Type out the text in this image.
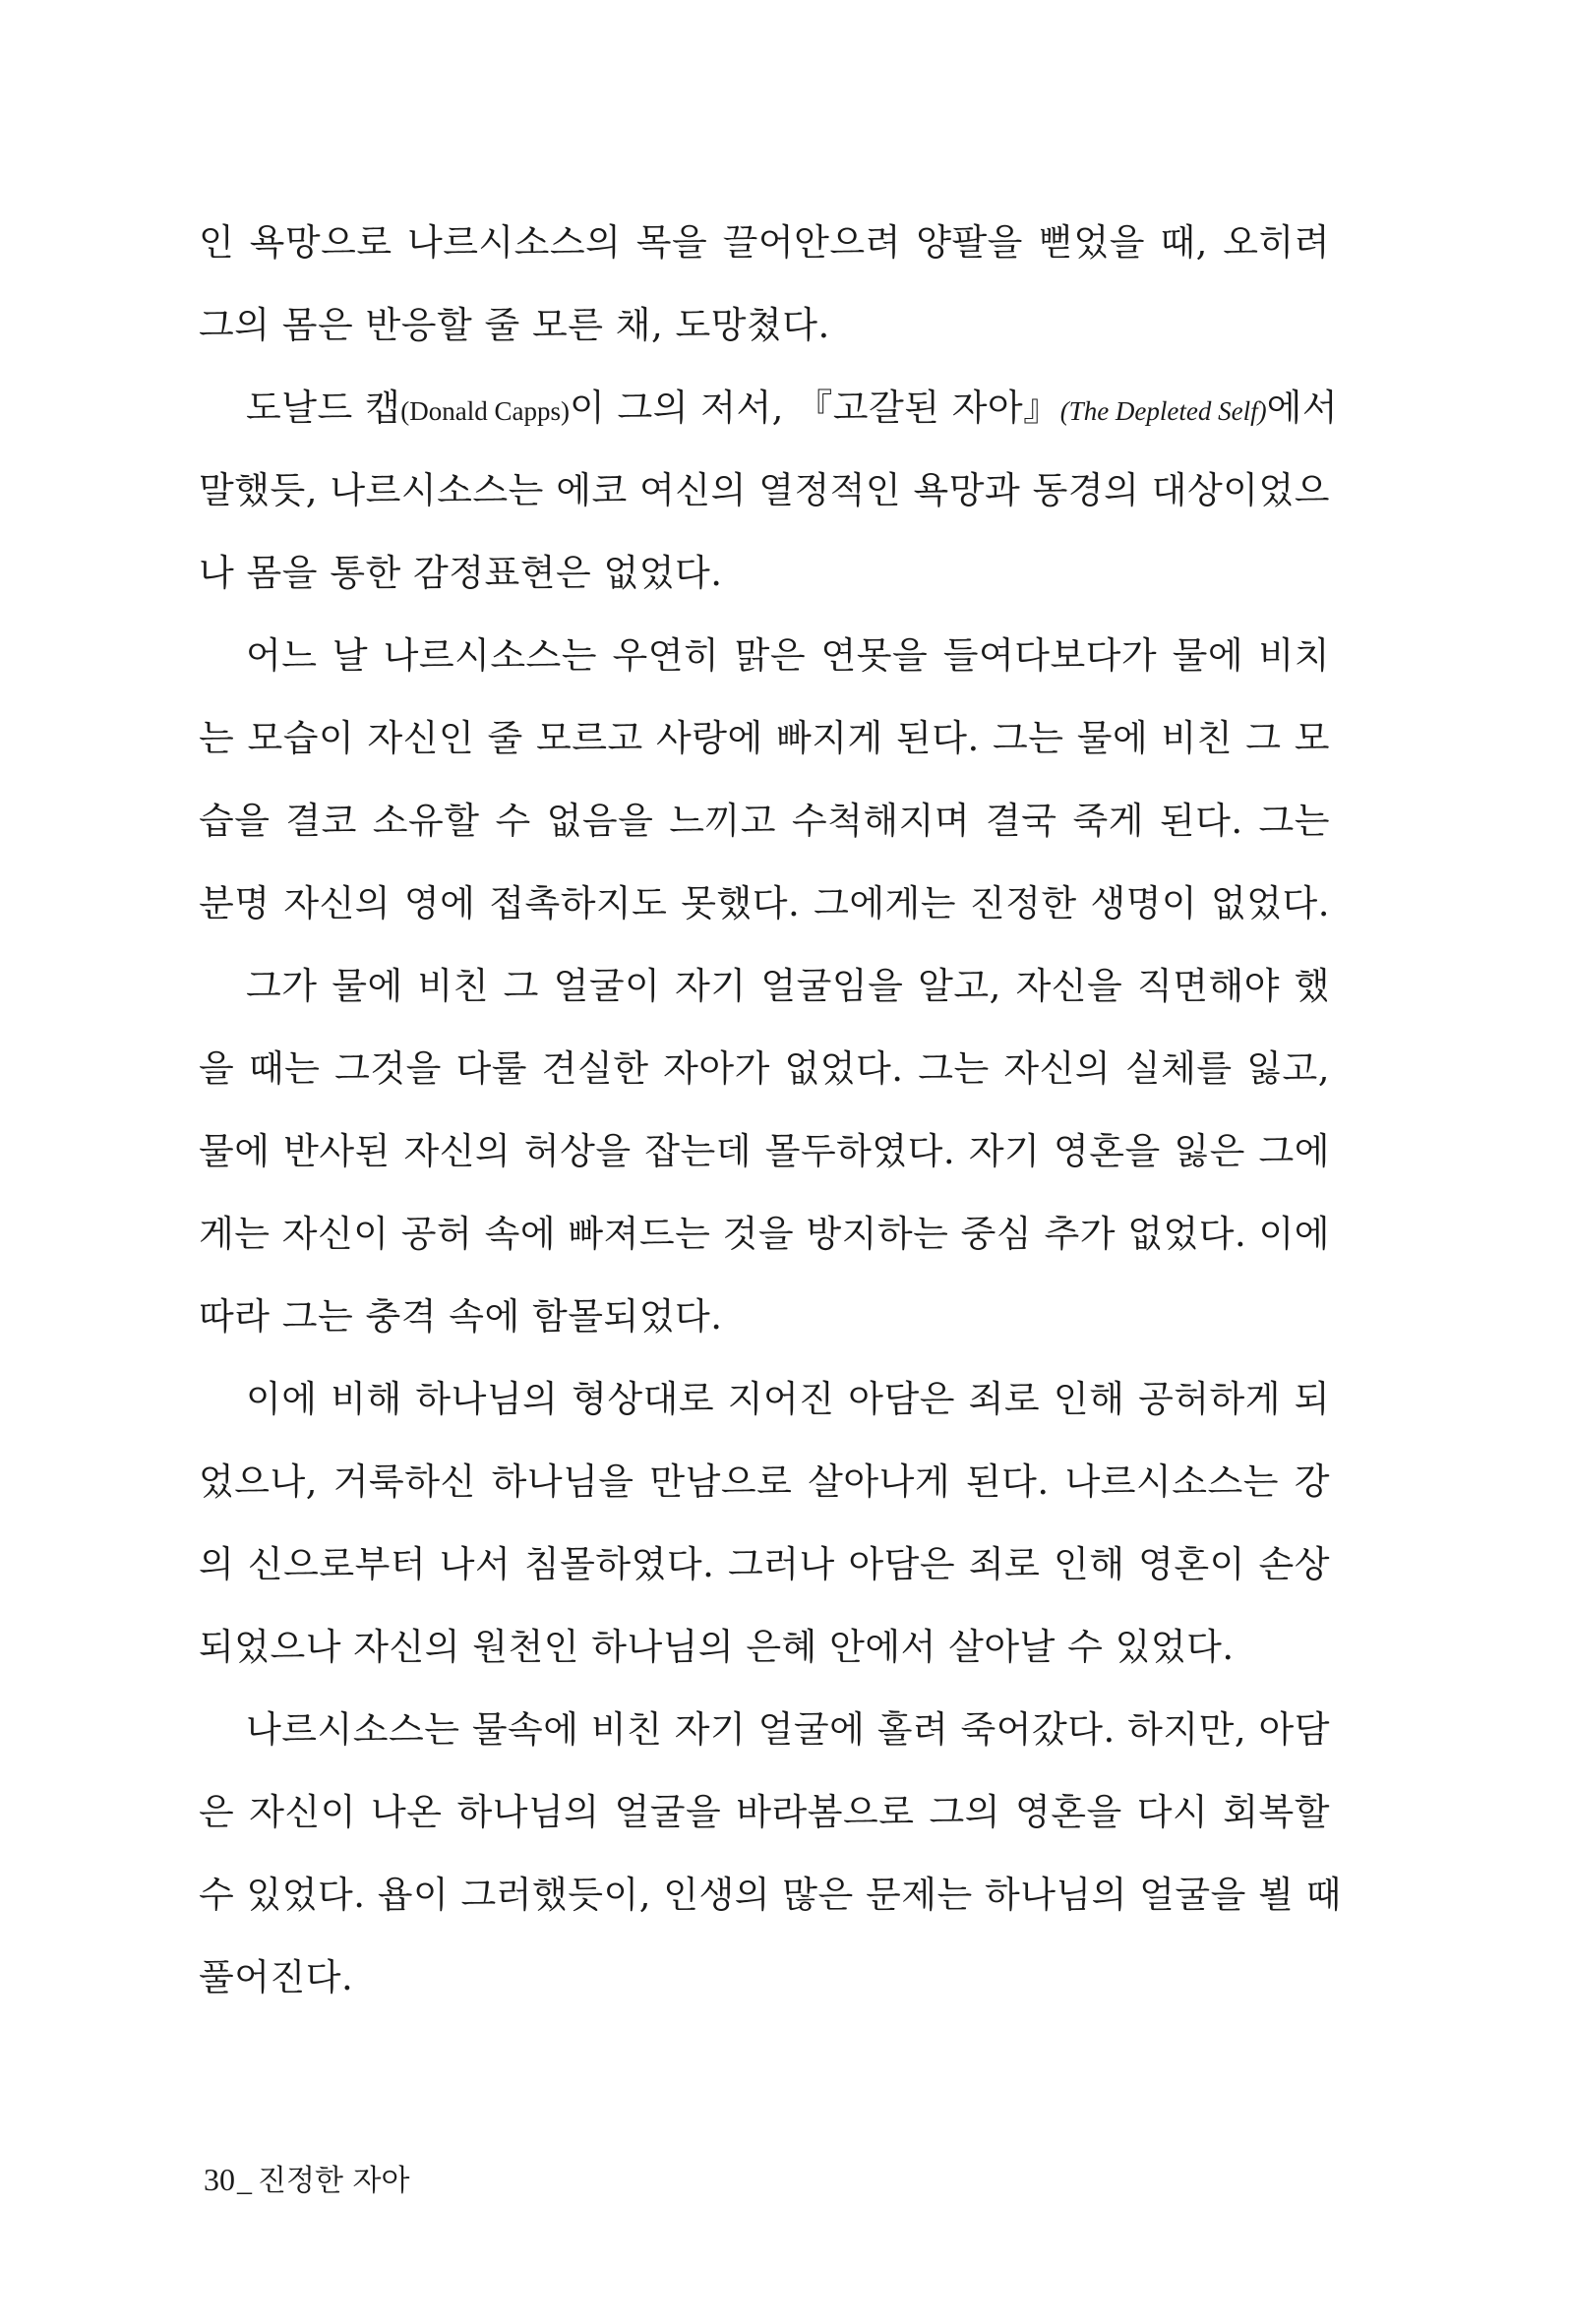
인 욕망으로 나르시소스의 목을 끌어안으려 양팔을 뻗었을 때, 오히려
그의 몸은 반응할 줄 모른 채, 도망쳤다.
도날드 캡(Donald Capps)이 그의 저서, 『고갈된 자아』(The Depleted Self)에서
말했듯, 나르시소스는 에코 여신의 열정적인 욕망과 동경의 대상이었으
나 몸을 통한 감정표현은 없었다.
어느 날 나르시소스는 우연히 맑은 연못을 들여다보다가 물에 비치
는 모습이 자신인 줄 모르고 사랑에 빠지게 된다. 그는 물에 비친 그 모
습을 결코 소유할 수 없음을 느끼고 수척해지며 결국 죽게 된다. 그는
분명 자신의 영에 접촉하지도 못했다. 그에게는 진정한 생명이 없었다.
그가 물에 비친 그 얼굴이 자기 얼굴임을 알고, 자신을 직면해야 했
을 때는 그것을 다룰 견실한 자아가 없었다. 그는 자신의 실체를 잃고,
물에 반사된 자신의 허상을 잡는데 몰두하였다. 자기 영혼을 잃은 그에
게는 자신이 공허 속에 빠져드는 것을 방지하는 중심 추가 없었다. 이에
따라 그는 충격 속에 함몰되었다.
이에 비해 하나님의 형상대로 지어진 아담은 죄로 인해 공허하게 되
었으나, 거룩하신 하나님을 만남으로 살아나게 된다. 나르시소스는 강
의 신으로부터 나서 침몰하였다. 그러나 아담은 죄로 인해 영혼이 손상
되었으나 자신의 원천인 하나님의 은혜 안에서 살아날 수 있었다.
나르시소스는 물속에 비친 자기 얼굴에 홀려 죽어갔다. 하지만, 아담
은 자신이 나온 하나님의 얼굴을 바라봄으로 그의 영혼을 다시 회복할
수 있었다. 욥이 그러했듯이, 인생의 많은 문제는 하나님의 얼굴을 뵐 때
풀어진다.
30_ 진정한 자아
